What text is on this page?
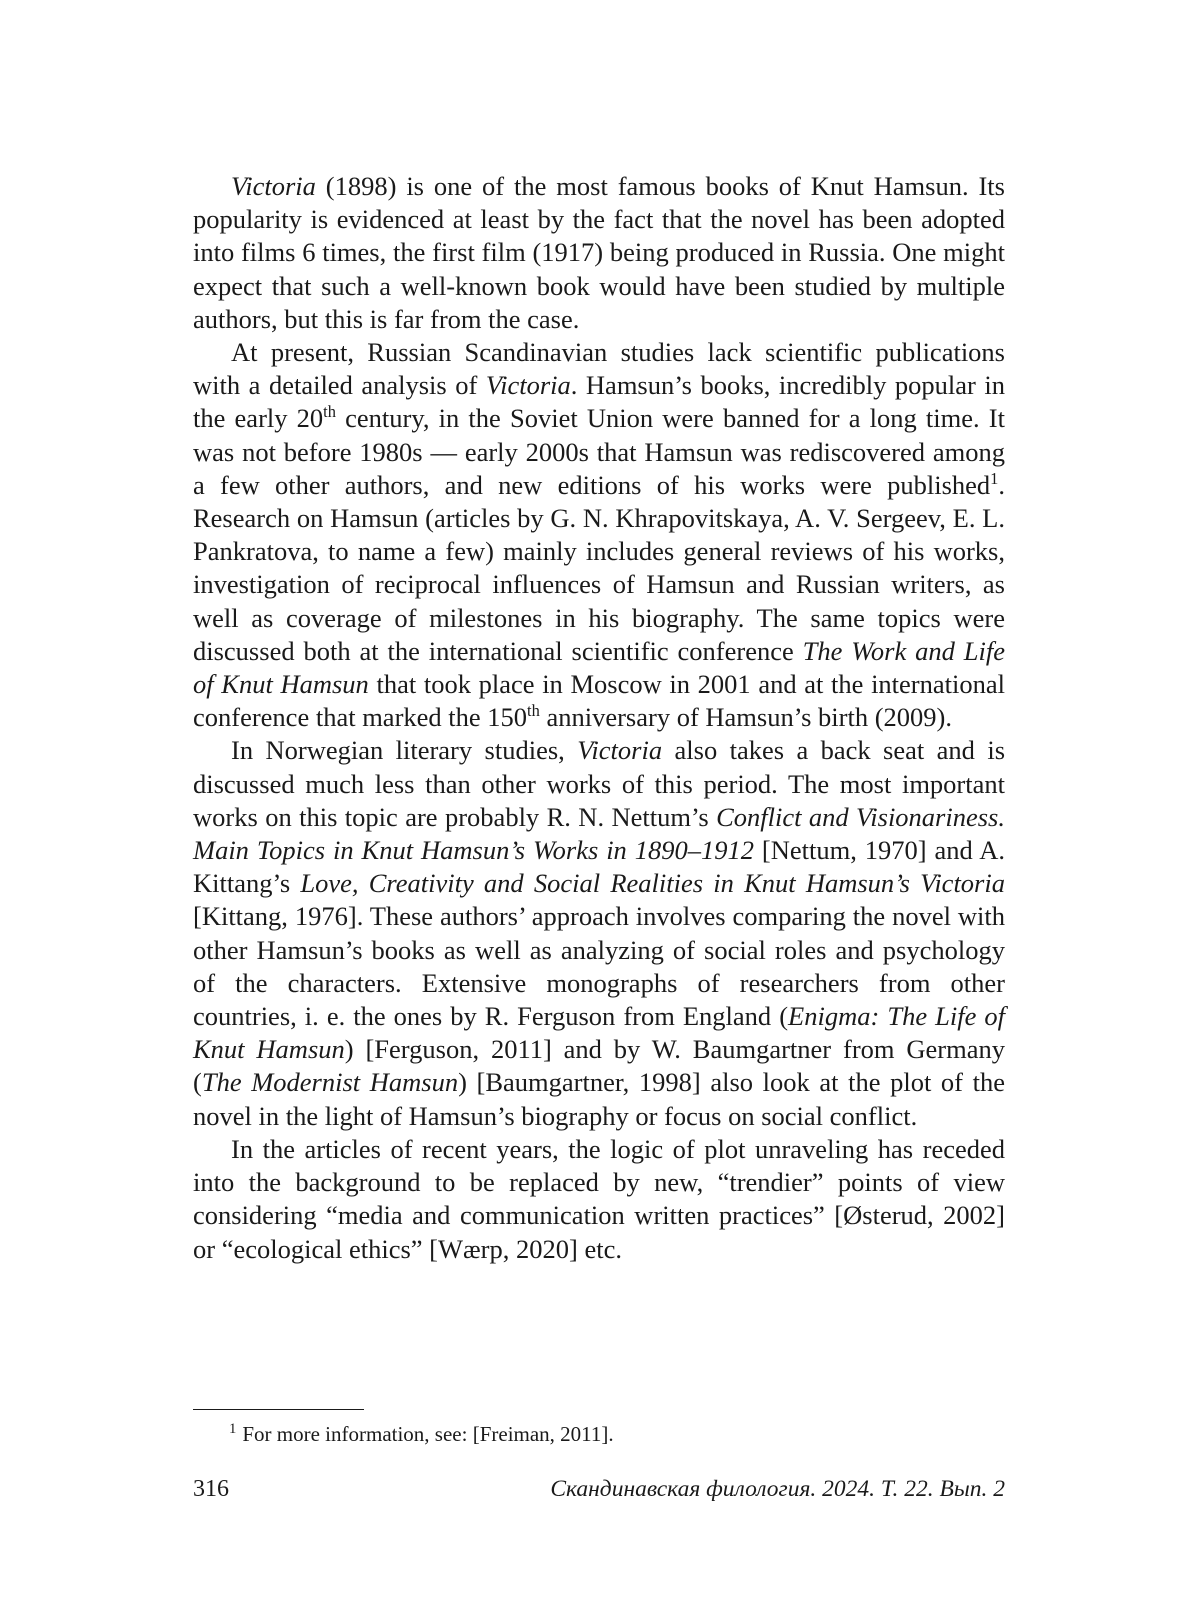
Victoria (1898) is one of the most famous books of Knut Hamsun. Its popularity is evidenced at least by the fact that the novel has been adopted into films 6 times, the first film (1917) being produced in Russia. One might expect that such a well-known book would have been studied by multiple authors, but this is far from the case.

At present, Russian Scandinavian studies lack scientific publications with a detailed analysis of Victoria. Hamsun’s books, incredibly popular in the early 20th century, in the Soviet Union were banned for a long time. It was not before 1980s — early 2000s that Hamsun was rediscovered among a few other authors, and new editions of his works were published$^1$. Research on Hamsun (articles by G. N. Khrapovitskaya, A. V. Sergeev, E. L. Pankratova, to name a few) mainly includes general reviews of his works, investigation of reciprocal influences of Hamsun and Russian writers, as well as coverage of milestones in his biography. The same topics were discussed both at the international scientific conference The Work and Life of Knut Hamsun that took place in Moscow in 2001 and at the international conference that marked the 150th anniversary of Hamsun’s birth (2009).

In Norwegian literary studies, Victoria also takes a back seat and is discussed much less than other works of this period. The most important works on this topic are probably R. N. Nettum’s Conflict and Visionariness. Main Topics in Knut Hamsun’s Works in 1890–1912 [Nettum, 1970] and A. Kittang’s Love, Creativity and Social Realities in Knut Hamsun’s Victoria [Kittang, 1976]. These authors’ approach involves comparing the novel with other Hamsun’s books as well as analyzing of social roles and psychology of the characters. Extensive monographs of researchers from other countries, i. e. the ones by R. Ferguson from England (Enigma: The Life of Knut Hamsun) [Ferguson, 2011] and by W. Baumgartner from Germany (The Modernist Hamsun) [Baumgartner, 1998] also look at the plot of the novel in the light of Hamsun’s biography or focus on social conflict.

In the articles of recent years, the logic of plot unraveling has receded into the background to be replaced by new, “trendier” points of view considering “media and communication written practices” [Østerud, 2002] or “ecological ethics” [Wærp, 2020] etc.

$^1$ For more information, see: [Freiman, 2011].
316	Скандинавская филология. 2024. Т. 22. Вып. 2
